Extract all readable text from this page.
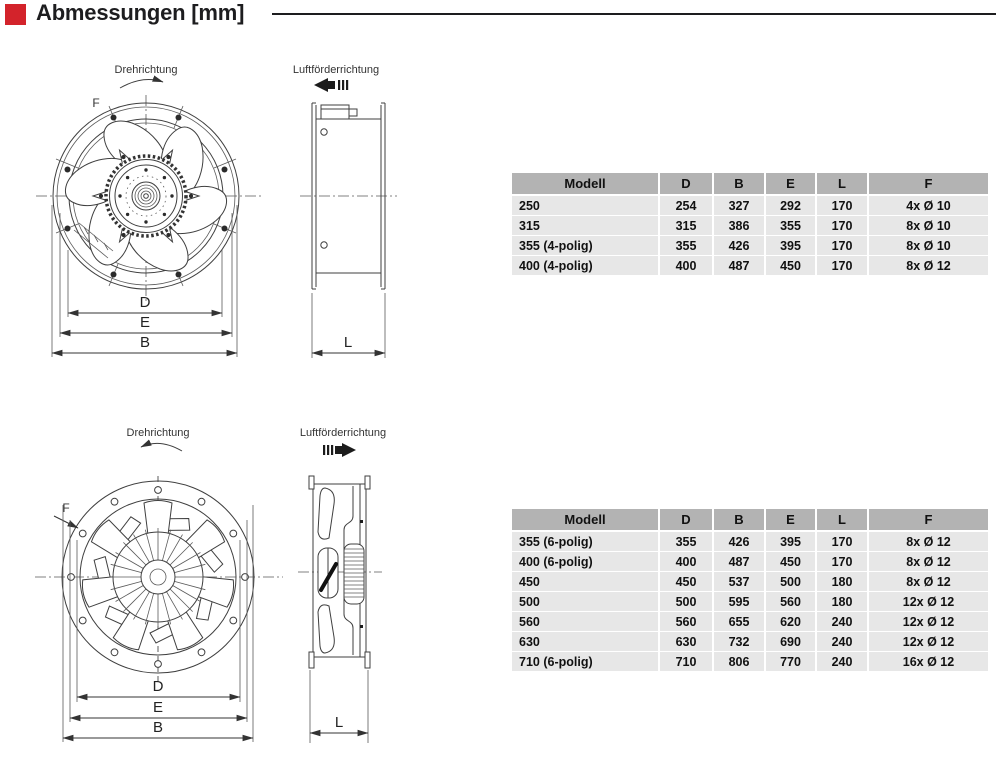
Abmessungen [mm]
Drehrichtung	Luftförderrichtung
F
D
E
B	L
Drehrichtung	Luftförderrichtung
F
D
E
B	L
Modell	D	B	E	L	F
250	254	327	292	170	4x Ø 10
315	315	386	355	170	8x Ø 10
355 (4-polig)	355	426	395	170	8x Ø 10
400 (4-polig)	400	487	450	170	8x Ø 12
Modell	D	B	E	L	F
355 (6-polig)	355	426	395	170	8x Ø 12
400 (6-polig)	400	487	450	170	8x Ø 12
450	450	537	500	180	8x Ø 12
500	500	595	560	180	12x Ø 12
560	560	655	620	240	12x Ø 12
630	630	732	690	240	12x Ø 12
710 (6-polig)	710	806	770	240	16x Ø 12
